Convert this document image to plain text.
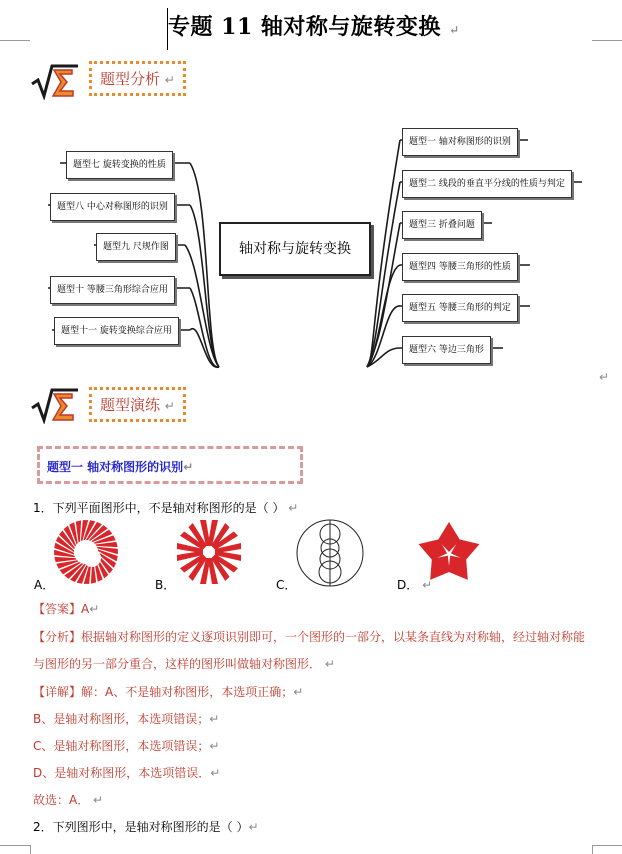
专题 11 轴对称与旋转变换 ↵
题型分析 ↵
题型七 旋转变换的性质
题型八 中心对称图形的识别
题型九 尺规作图
题型十 等腰三角形综合应用
题型十一 旋转变换综合应用
轴对称与旋转变换
题型一 轴对称图形的识别
题型二 线段的垂直平分线的性质与判定
题型三 折叠问题
题型四 等腰三角形的性质
题型五 等腰三角形的判定
题型六 等边三角形
↵
题型演练 ↵
题型一 轴对称图形的识别↵
1．下列平面图形中，不是轴对称图形的是（ ） ↵
A．	B．	C．	D． ↵
【答案】A↵
【分析】根据轴对称图形的定义逐项识别即可，一个图形的一部分，以某条直线为对称轴，经过轴对称能
与图形的另一部分重合，这样的图形叫做轴对称图形． ↵
【详解】解：A、不是轴对称图形，本选项正确；↵
B、是轴对称图形，本选项错误；↵
C、是轴对称图形，本选项错误；↵
D、是轴对称图形，本选项错误．↵
故选：A． ↵
2．下列图形中，是轴对称图形的是（ ）↵
